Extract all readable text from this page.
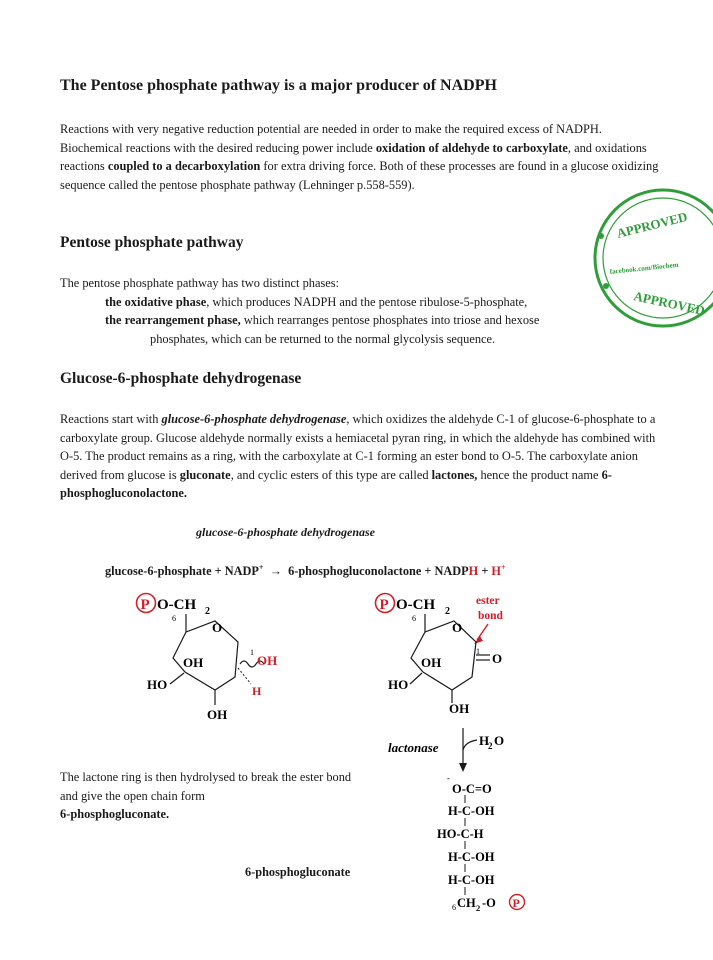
The Pentose phosphate pathway is a major producer of NADPH
Reactions with very negative reduction potential are needed in order to make the required excess of NADPH. Biochemical reactions with the desired reducing power include oxidation of aldehyde to carboxylate, and oxidations reactions coupled to a decarboxylation for extra driving force. Both of these processes are found in a glucose oxidizing sequence called the pentose phosphate pathway (Lehninger p.558-559).
Pentose phosphate pathway
The pentose phosphate pathway has two distinct phases:
the oxidative phase, which produces NADPH and the pentose ribulose-5-phosphate,
the rearrangement phase, which rearranges pentose phosphates into triose and hexose
phosphates, which can be returned to the normal glycolysis sequence.
Glucose-6-phosphate dehydrogenase
Reactions start with glucose-6-phosphate dehydrogenase, which oxidizes the aldehyde C-1 of glucose-6-phosphate to a carboxylate group. Glucose aldehyde normally exists a hemiacetal pyran ring, in which the aldehyde has combined with O-5. The product remains as a ring, with the carboxylate at C-1 forming an ester bond to O-5. The carboxylate anion derived from glucose is gluconate, and cyclic esters of this type are called lactones, hence the product name 6-phosphogluconolactone.
glucose-6-phosphate dehydrogenase
glucose-6-phosphate + NADP+ → 6-phosphogluconolactone + NADPH + H+
P O-CH 2
6
O
OH
HO
OH
1
OH
H
P O-CH 2
6
ester
bond
O
OH
HO
OH
1 O
lactonase	H
2 O
-
O-C=O
H-C-OH
HO-C-H
H-C-OH
H-C-OH
6 CH 2 -O P
The lactone ring is then hydrolysed to break the ester bond and give the open chain form
6-phosphogluconate.
6-phosphogluconate
APPROVED
facebook.com/Biochem
APPROVED
